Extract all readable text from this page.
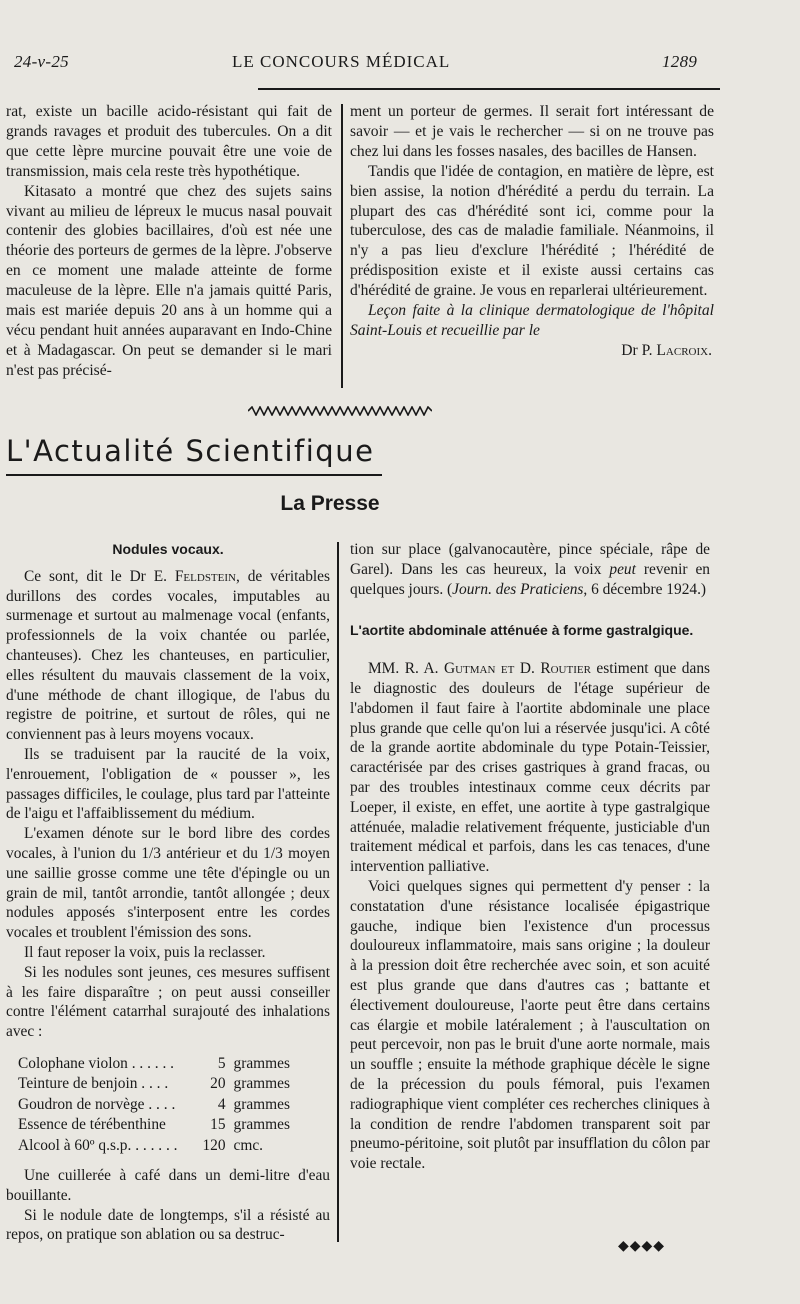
24-v-25	LE CONCOURS MÉDICAL	1289

rat, existe un bacille acido-résistant qui fait de grands ravages et produit des tubercules. On a dit que cette lèpre murcine pouvait être une voie de transmission, mais cela reste très hypothétique.

Kitasato a montré que chez des sujets sains vivant au milieu de lépreux le mucus nasal pouvait contenir des globies bacillaires, d'où est née une théorie des porteurs de germes de la lèpre. J'observe en ce moment une malade atteinte de forme maculeuse de la lèpre. Elle n'a jamais quitté Paris, mais est mariée depuis 20 ans à un homme qui a vécu pendant huit années auparavant en Indo-Chine et à Madagascar. On peut se demander si le mari n'est pas précisé-

ment un porteur de germes. Il serait fort intéressant de savoir — et je vais le rechercher — si on ne trouve pas chez lui dans les fosses nasales, des bacilles de Hansen.

Tandis que l'idée de contagion, en matière de lèpre, est bien assise, la notion d'hérédité a perdu du terrain. La plupart des cas d'hérédité sont ici, comme pour la tuberculose, des cas de maladie familiale. Néanmoins, il n'y a pas lieu d'exclure l'hérédité ; l'hérédité de prédisposition existe et il existe aussi certains cas d'hérédité de graine. Je vous en reparlerai ultérieurement.

Leçon faite à la clinique dermatologique de l'hôpital Saint-Louis et recueillie par le

Dr P. Lacroix.

L'Actualité Scientifique
La Presse

Nodules vocaux.

Ce sont, dit le Dr E. Feldstein, de véritables durillons des cordes vocales, imputables au surmenage et surtout au malmenage vocal (enfants, professionnels de la voix chantée ou parlée, chanteuses). Chez les chanteuses, en particulier, elles résultent du mauvais classement de la voix, d'une méthode de chant illogique, de l'abus du registre de poitrine, et surtout de rôles, qui ne conviennent pas à leurs moyens vocaux.

Ils se traduisent par la raucité de la voix, l'enrouement, l'obligation de « pousser », les passages difficiles, le coulage, plus tard par l'atteinte de l'aigu et l'affaiblissement du médium.

L'examen dénote sur le bord libre des cordes vocales, à l'union du 1/3 antérieur et du 1/3 moyen une saillie grosse comme une tête d'épingle ou un grain de mil, tantôt arrondie, tantôt allongée ; deux nodules apposés s'interposent entre les cordes vocales et troublent l'émission des sons.

Il faut reposer la voix, puis la reclasser.

Si les nodules sont jeunes, ces mesures suffisent à les faire disparaître ; on peut aussi conseiller contre l'élément catarrhal surajouté des inhalations avec :

Colophane violon . . . . . .	5	grammes
Teinture de benjoin . . . .	20	grammes
Goudron de norvège . . . .	4	grammes
Essence de térébenthine	15	grammes
Alcool à 60º q.s.p. . . . . . .	120	cmc.

Une cuillerée à café dans un demi-litre d'eau bouillante.

Si le nodule date de longtemps, s'il a résisté au repos, on pratique son ablation ou sa destruc-

tion sur place (galvanocautère, pince spéciale, râpe de Garel). Dans les cas heureux, la voix peut revenir en quelques jours. (Journ. des Praticiens, 6 décembre 1924.)

L'aortite abdominale atténuée à forme gastralgique.

MM. R. A. Gutman et D. Routier estiment que dans le diagnostic des douleurs de l'étage supérieur de l'abdomen il faut faire à l'aortite abdominale une place plus grande que celle qu'on lui a réservée jusqu'ici. A côté de la grande aortite abdominale du type Potain-Teissier, caractérisée par des crises gastriques à grand fracas, ou par des troubles intestinaux comme ceux décrits par Loeper, il existe, en effet, une aortite à type gastralgique atténuée, maladie relativement fréquente, justiciable d'un traitement médical et parfois, dans les cas tenaces, d'une intervention palliative.

Voici quelques signes qui permettent d'y penser : la constatation d'une résistance localisée épigastrique gauche, indique bien l'existence d'un processus douloureux inflammatoire, mais sans origine ; la douleur à la pression doit être recherchée avec soin, et son acuité est plus grande que dans d'autres cas ; battante et électivement douloureuse, l'aorte peut être dans certains cas élargie et mobile latéralement ; à l'auscultation on peut percevoir, non pas le bruit d'une aorte normale, mais un souffle ; ensuite la méthode graphique décèle le signe de la précession du pouls fémoral, puis l'examen radiographique vient compléter ces recherches cliniques à la condition de rendre l'abdomen transparent soit par pneumo-péritoine, soit plutôt par insufflation du côlon par voie rectale.

◆◆◆◆
